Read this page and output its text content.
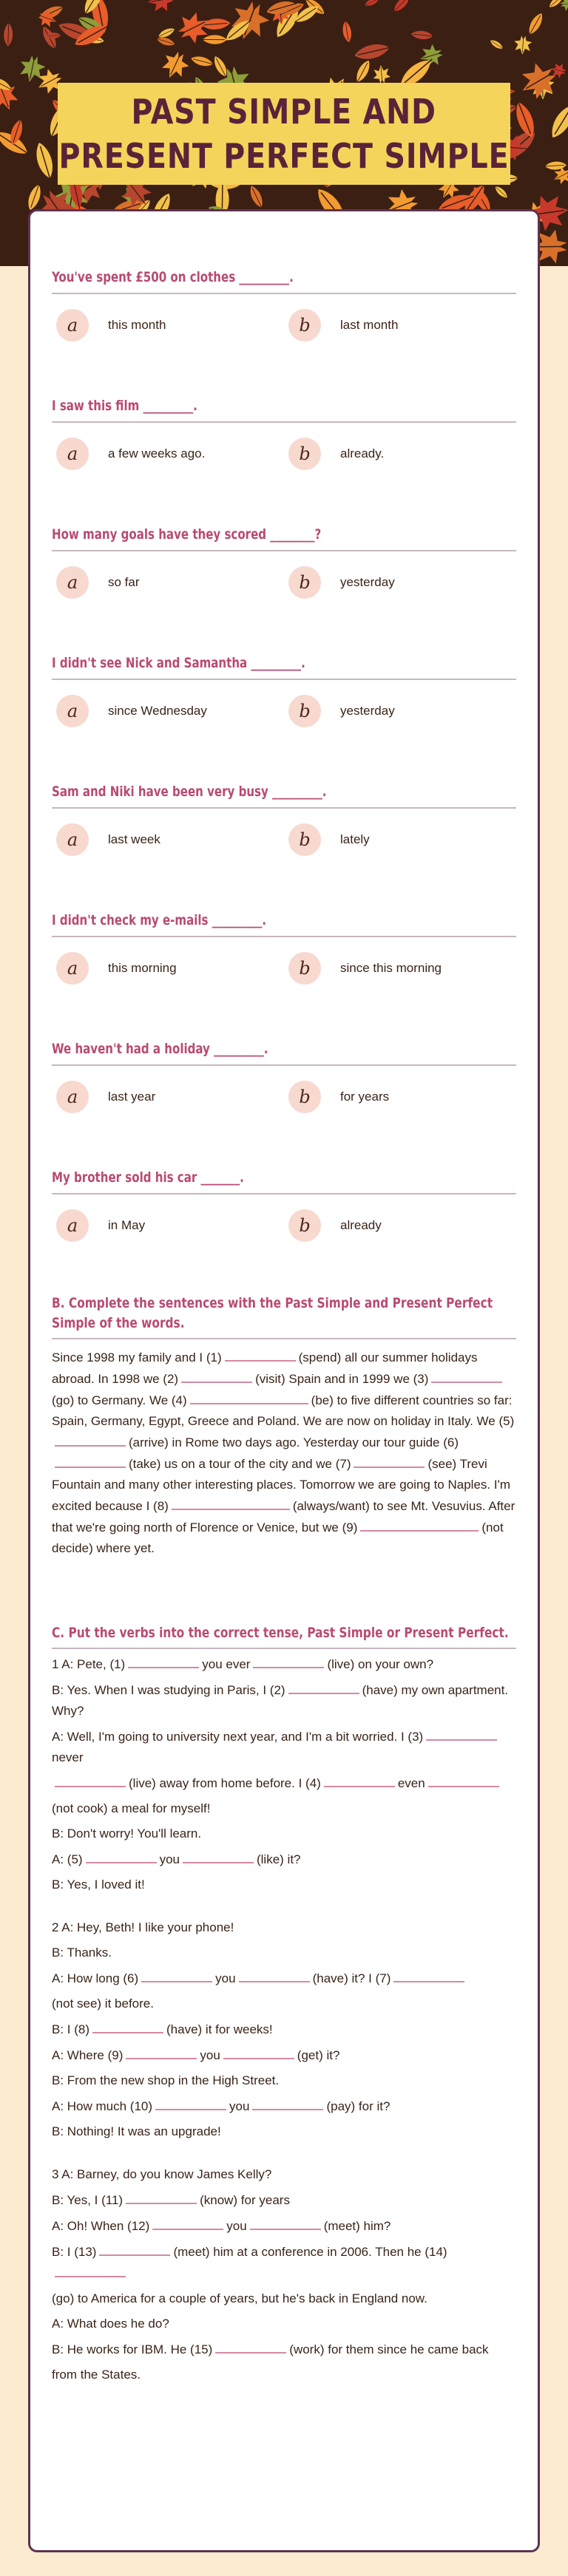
PAST SIMPLE AND
PRESENT PERFECT SIMPLE
You've spent £500 on clothes _________.
a	this month	b	last month
I saw this film _________.
a	a few weeks ago.	b	already.
How many goals have they scored ________?
a	so far	b	yesterday
I didn't see Nick and Samantha _________.
a	since Wednesday	b	yesterday
Sam and Niki have been very busy _________.
a	last week	b	lately
I didn't check my e-mails _________.
a	this morning	b	since this morning
We haven't had a holiday _________.
a	last year	b	for years
My brother sold his car _______.
a	in May	b	already
B. Complete the sentences with the Past Simple and Present Perfect Simple of the words.
Since 1998 my family and I (1)	(spend) all our summer holidays abroad. In 1998 we (2)	(visit) Spain and in 1999 we (3)(go) to Germany. We (4)	(be) to five different countries so far: Spain, Germany, Egypt, Greece and Poland. We are now on holiday in Italy. We (5)(arrive) in Rome two days ago. Yesterday our tour guide (6)(take) us on a tour of the city and we (7)	(see) Trevi Fountain and many other interesting places. Tomorrow we are going to Naples. I'm excited because I (8)	(always/want) to see Mt. Vesuvius. After that we're going north of Florence or Venice, but we (9)	(not decide) where yet.
C. Put the verbs into the correct tense, Past Simple or Present Perfect.
1 A: Pete, (1)	you ever	(live) on your own?
B: Yes. When I was studying in Paris, I (2)	(have) my own apartment. Why?
A: Well, I'm going to university next year, and I'm a bit worried. I (3)never
(live) away from home before. I (4)	even
(not cook) a meal for myself!
B: Don't worry! You'll learn.
A: (5)	you	(like) it?
B: Yes, I loved it!
2 A: Hey, Beth! I like your phone!
B: Thanks.
A: How long (6)	you	(have) it? I (7)
(not see) it before.
B: I (8)	(have) it for weeks!
A: Where (9)	you	(get) it?
B: From the new shop in the High Street.
A: How much (10)	you	(pay) for it?
B: Nothing! It was an upgrade!
3 A: Barney, do you know James Kelly?
B: Yes, I (11)	(know) for years
A: Oh! When (12)	you	(meet) him?
B: I (13)	(meet) him at a conference in 2006. Then he (14)
(go) to America for a couple of years, but he's back in England now.
A: What does he do?
B: He works for IBM. He (15)	(work) for them since he came back
from the States.
